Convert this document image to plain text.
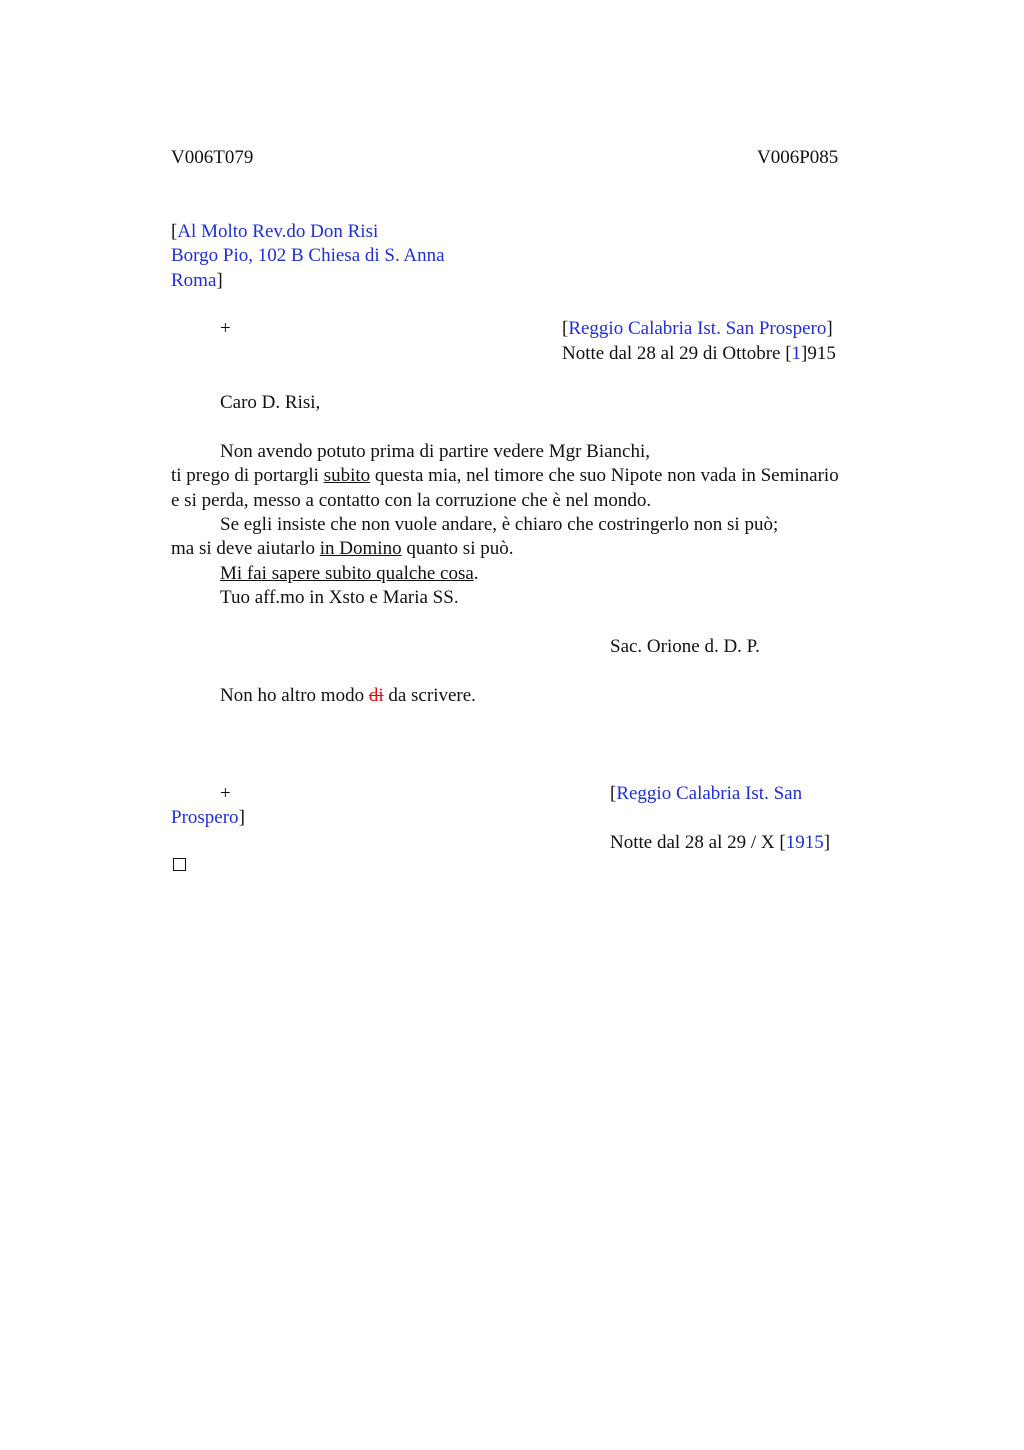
V006T079	V006P085
[Al Molto Rev.do Don Risi
Borgo Pio, 102 B Chiesa di S. Anna
Roma]
+	[Reggio Calabria Ist. San Prospero]
Notte dal 28 al 29 di Ottobre [1]915
Caro D. Risi,
Non avendo potuto prima di partire vedere Mgr Bianchi,
ti prego di portargli subito questa mia, nel timore che suo Nipote non vada in Seminario
e si perda, messo a contatto con la corruzione che è nel mondo.
Se egli insiste che non vuole andare, è chiaro che costringerlo non si può;
ma si deve aiutarlo in Domino quanto si può.
Mi fai sapere subito qualche cosa.
Tuo aff.mo in Xsto e Maria SS.
Sac. Orione d. D. P.
Non ho altro modo di da scrivere.
+	[Reggio Calabria Ist. San
Prospero]
Notte dal 28 al 29 / X [1915]
